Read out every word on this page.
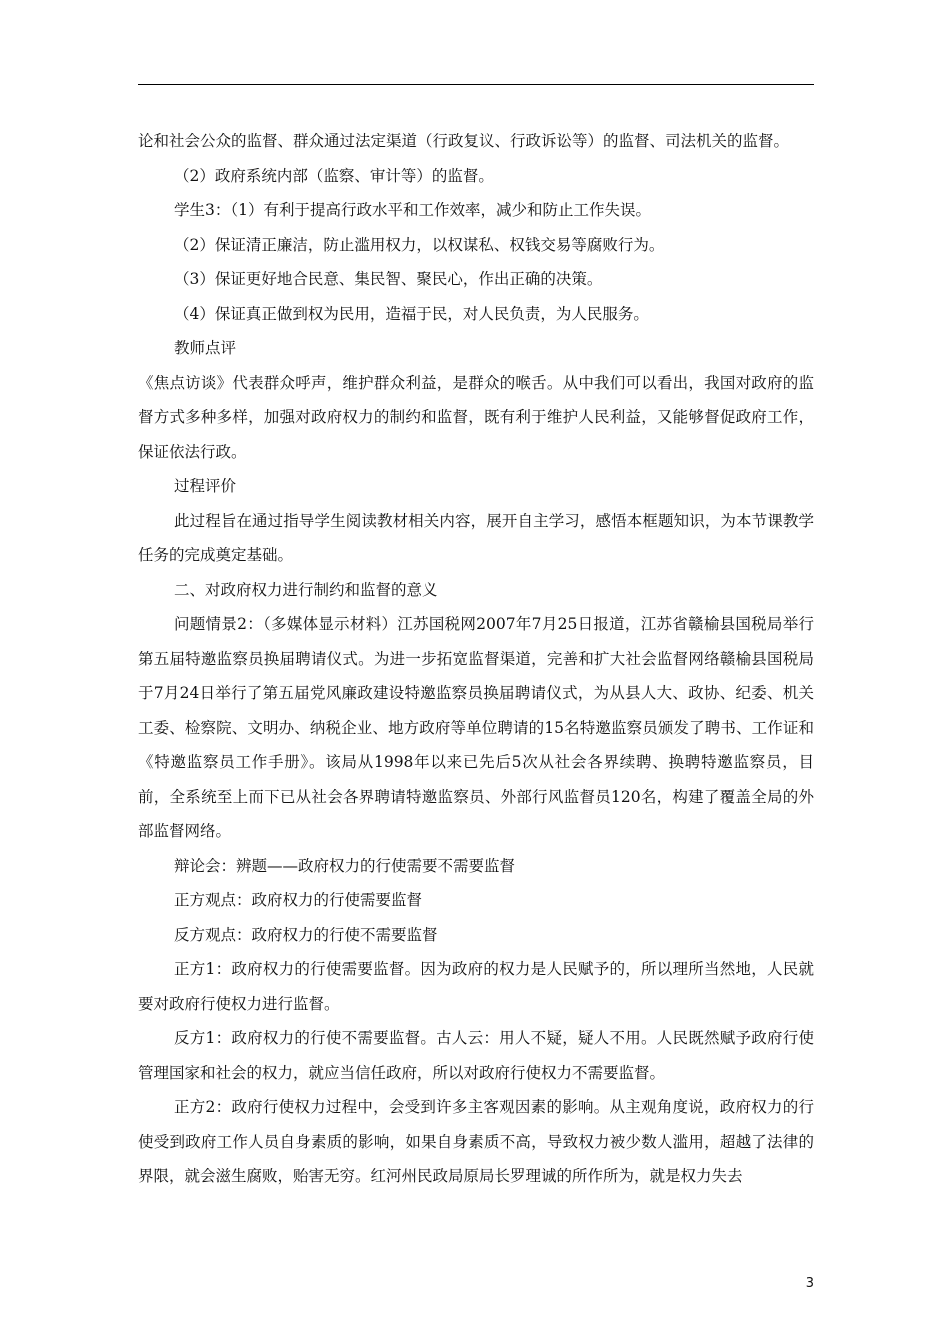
论和社会公众的监督、群众通过法定渠道（行政复议、行政诉讼等）的监督、司法机关的监督。

（2）政府系统内部（监察、审计等）的监督。

学生3：（1）有利于提高行政水平和工作效率，减少和防止工作失误。

（2）保证清正廉洁，防止滥用权力，以权谋私、权钱交易等腐败行为。

（3）保证更好地合民意、集民智、聚民心，作出正确的决策。

（4）保证真正做到权为民用，造福于民，对人民负责，为人民服务。

教师点评

《焦点访谈》代表群众呼声，维护群众利益，是群众的喉舌。从中我们可以看出，我国对政府的监督方式多种多样，加强对政府权力的制约和监督，既有利于维护人民利益，又能够督促政府工作，保证依法行政。

过程评价

此过程旨在通过指导学生阅读教材相关内容，展开自主学习，感悟本框题知识，为本节课教学任务的完成奠定基础。

二、对政府权力进行制约和监督的意义

问题情景2：（多媒体显示材料）江苏国税网2007年7月25日报道，江苏省赣榆县国税局举行第五届特邀监察员换届聘请仪式。为进一步拓宽监督渠道，完善和扩大社会监督网络赣榆县国税局于7月24日举行了第五届党风廉政建设特邀监察员换届聘请仪式，为从县人大、政协、纪委、机关工委、检察院、文明办、纳税企业、地方政府等单位聘请的15名特邀监察员颁发了聘书、工作证和《特邀监察员工作手册》。该局从1998年以来已先后5次从社会各界续聘、换聘特邀监察员，目前，全系统至上而下已从社会各界聘请特邀监察员、外部行风监督员120名，构建了覆盖全局的外部监督网络。

辩论会：辨题——政府权力的行使需要不需要监督

正方观点：政府权力的行使需要监督

反方观点：政府权力的行使不需要监督

正方1：政府权力的行使需要监督。因为政府的权力是人民赋予的，所以理所当然地，人民就要对政府行使权力进行监督。

反方1：政府权力的行使不需要监督。古人云：用人不疑，疑人不用。人民既然赋予政府行使管理国家和社会的权力，就应当信任政府，所以对政府行使权力不需要监督。

正方2：政府行使权力过程中，会受到许多主客观因素的影响。从主观角度说，政府权力的行使受到政府工作人员自身素质的影响，如果自身素质不高，导致权力被少数人滥用，超越了法律的界限，就会滋生腐败，贻害无穷。红河州民政局原局长罗理诚的所作所为，就是权力失去

3
